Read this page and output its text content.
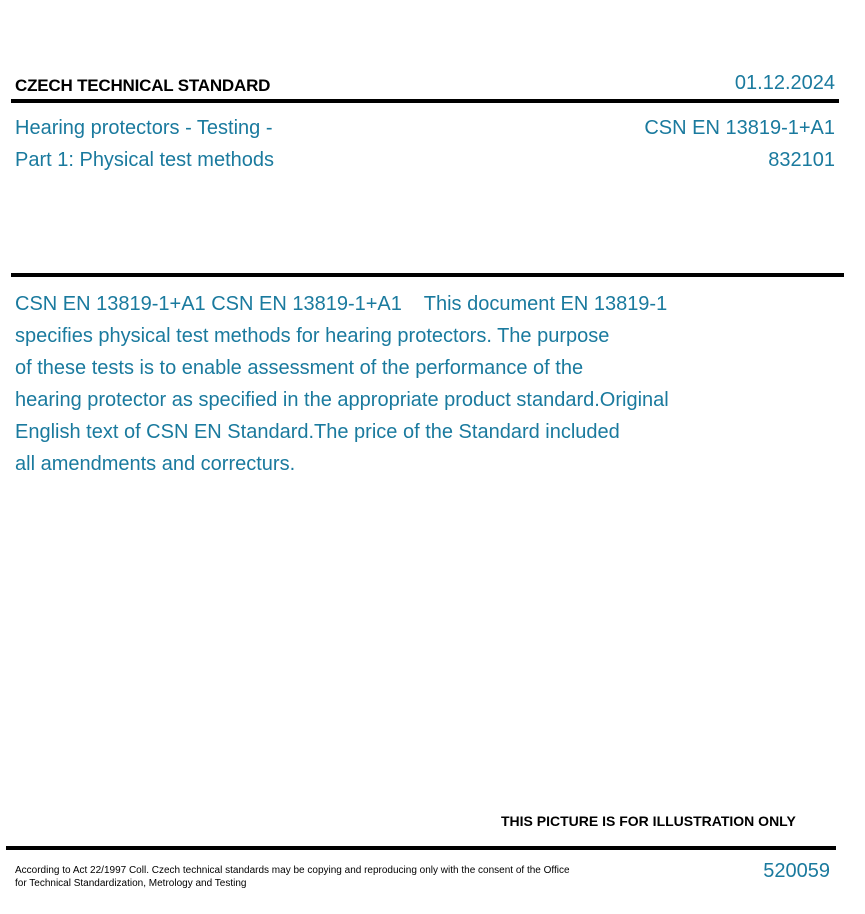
CZECH TECHNICAL STANDARD	01.12.2024
Hearing protectors - Testing -
Part 1: Physical test methods
CSN EN 13819-1+A1
832101
CSN EN 13819-1+A1 CSN EN 13819-1+A1    This document EN 13819-1
specifies physical test methods for hearing protectors. The purpose
of these tests is to enable assessment of the performance of the
hearing protector as specified in the appropriate product standard.Original
English text of CSN EN Standard.The price of the Standard included
all amendments and correcturs.
THIS PICTURE IS FOR ILLUSTRATION ONLY
According to Act 22/1997 Coll. Czech technical standards may be copying and reproducing only with the consent of the Office
for Technical Standardization, Metrology and Testing
520059
